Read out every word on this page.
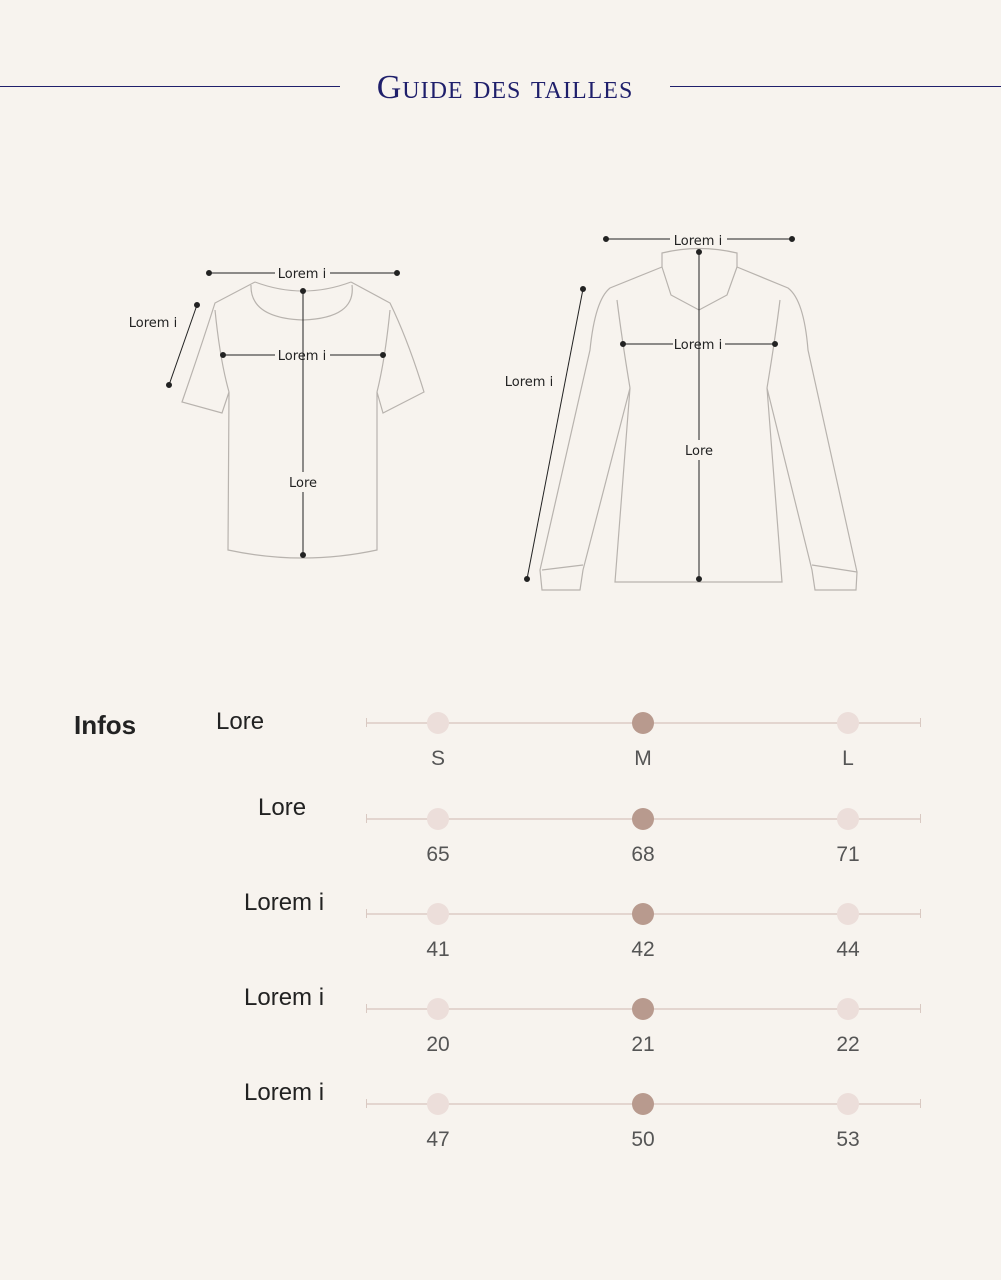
Guide des tailles
Lorem i
Lorem i
Lorem i
Lore
Lorem i
Lorem i
Lorem i
Lore
Infos	Lore
S	M	L
Lore
65	68	71
Lorem i
41	42	44
Lorem i
20	21	22
Lorem i
47	50	53
